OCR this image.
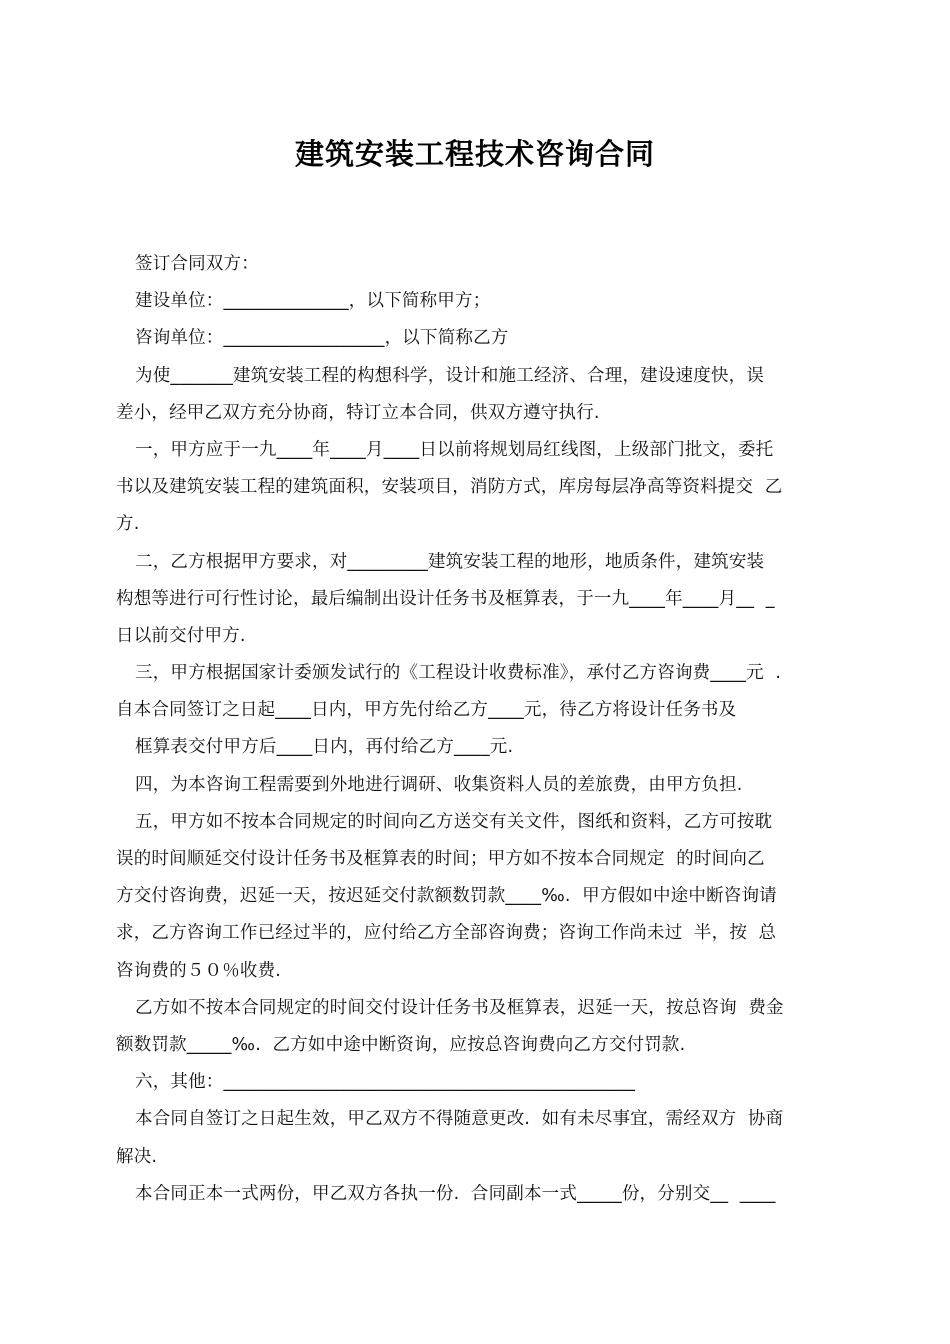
建筑安装工程技术咨询合同
签订合同双方：
建设单位：______________，以下简称甲方；
咨询单位：__________________，以下简称乙方
为使_______建筑安装工程的构想科学，设计和施工经济、合理，建设速度快，误
差小，经甲乙双方充分协商，特订立本合同，供双方遵守执行.
一，甲方应于一九____年____月____日以前将规划局红线图，上级部门批文，委托
书以及建筑安装工程的建筑面积，安装项目，消防方式，库房每层净高等资料提交  乙
方.
二，乙方根据甲方要求，对_________建筑安装工程的地形，地质条件，建筑安装
构想等进行可行性讨论，最后编制出设计任务书及框算表，于一九____年____月__  _
日以前交付甲方.
三，甲方根据国家计委颁发试行的《工程设计收费标准》，承付乙方咨询费____元  .
自本合同签订之日起____日内，甲方先付给乙方____元，待乙方将设计任务书及
框算表交付甲方后____日内，再付给乙方____元.
四，为本咨询工程需要到外地进行调研、收集资料人员的差旅费，由甲方负担.
五，甲方如不按本合同规定的时间向乙方送交有关文件，图纸和资料，乙方可按耽
误的时间顺延交付设计任务书及框算表的时间；甲方如不按本合同规定  的时间向乙
方交付咨询费，迟延一天，按迟延交付款额数罚款____‰.  甲方假如中途中断咨询请
求，乙方咨询工作已经过半的，应付给乙方全部咨询费；咨询工作尚未过  半，按  总
咨询费的５０％收费.
乙方如不按本合同规定的时间交付设计任务书及框算表，迟延一天，按总咨询  费金
额数罚款_____‰.  乙方如中途中断资询，应按总咨询费向乙方交付罚款.
六，其他：______________________________________________
本合同自签订之日起生效，甲乙双方不得随意更改.  如有未尽事宜，需经双方  协商
解决.
本合同正本一式两份，甲乙双方各执一份.  合同副本一式_____份，分别交__  ____
